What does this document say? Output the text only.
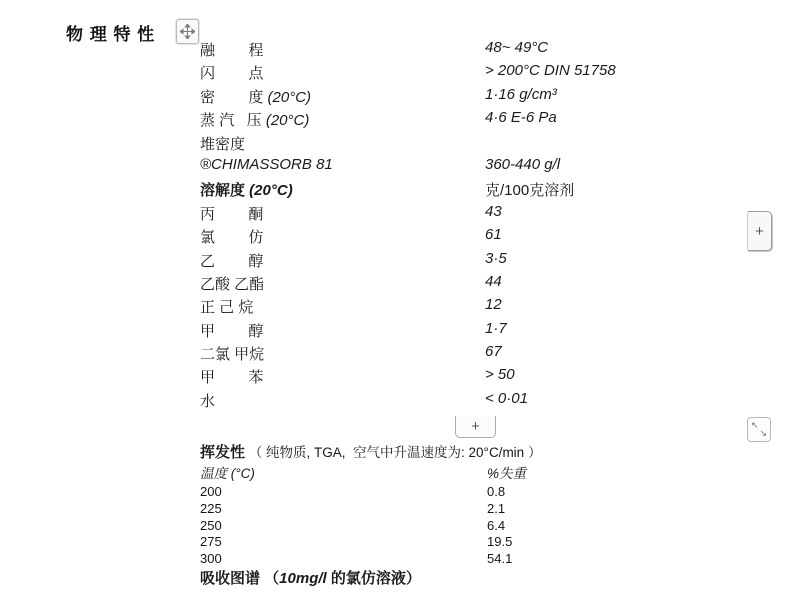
物 理 特 性
融        程	48~ 49°C
闪        点	> 200°C DIN 51758
密        度 (20°C)	1·16 g/cm³
蒸 汽   压 (20°C)	4·6 E-6 Pa
堆密度
®CHIMASSORB 81	360-440 g/l
溶解度 (20°C)	克/100克溶剂
丙        酮	43
氯        仿	61
乙        醇	3·5
乙酸 乙酯	44
正 己 烷	12
甲        醇	1·7
二氯 甲烷	67
甲        苯	> 50
水	< 0·01
+
+	↖
↘
挥发性 （ 纯物质, TGA,  空气中升温速度为: 20°C/min ）
温度 (°C)	%失重
200	0.8
225	2.1
250	6.4
275	19.5
300	54.1
吸收图谱 （10mg/l 的氯仿溶液）
